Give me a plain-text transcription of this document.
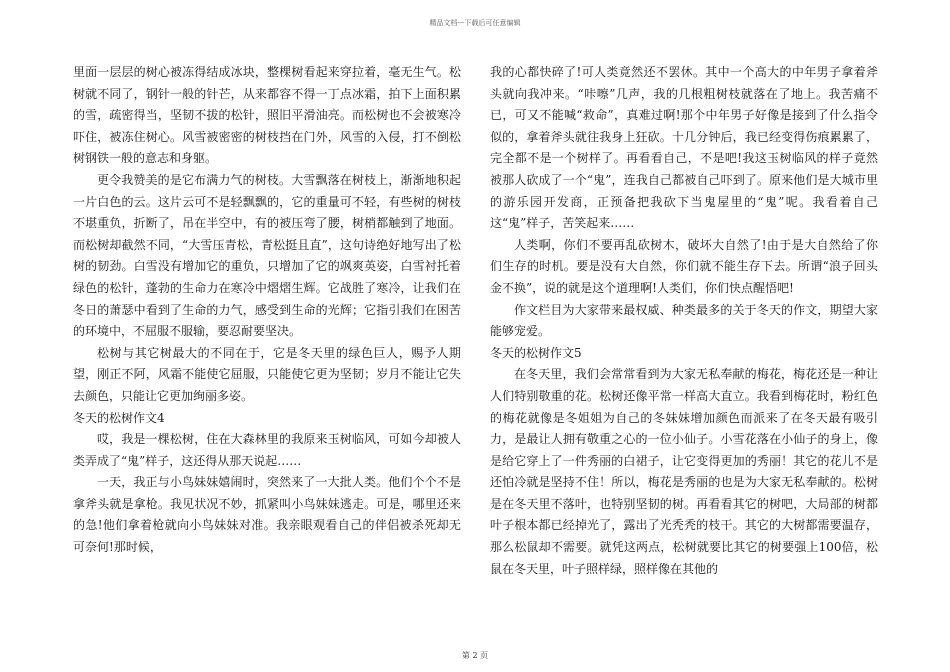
精品文档---下载后可任意编辑

里面一层层的树心被冻得结成冰块，整棵树看起来穿拉着，毫无生气。松树就不同了，钢针一般的针芒，从来都容不得一丁点冰霜，拍下上面积累的雪，疏密得当，坚韧不拔的松针，照旧平滑油亮。而松树也不会被寒冷吓住，被冻住树心。风雪被密密的树枝挡在门外，风雪的入侵，打不倒松树钢铁一般的意志和身躯。

更令我赞美的是它布满力气的树枝。大雪飘落在树枝上，渐渐地积起一片白色的云。这片云可不是轻飘飘的，它的重量可不轻，有些树的树枝不堪重负，折断了，吊在半空中，有的被压弯了腰，树梢都触到了地面。而松树却截然不同，“大雪压青松，青松挺且直”，这句诗绝好地写出了松树的韧劲。白雪没有增加它的重负，只增加了它的飒爽英姿，白雪衬托着绿色的松针，蓬勃的生命力在寒冷中熠熠生辉。它战胜了寒冷，让我们在冬日的萧瑟中看到了生命的力气，感受到生命的光辉；它指引我们在困苦的环境中，不屈服不服输，要忍耐要坚决。

松树与其它树最大的不同在于，它是冬天里的绿色巨人，赐予人期望，刚正不阿，风霜不能使它屈服，只能使它更为坚韧；岁月不能让它失去颜色，只能让它更加绚丽多姿。

冬天的松树作文4

哎，我是一棵松树，住在大森林里的我原来玉树临风，可如今却被人类弄成了“鬼”样子，这还得从那天说起……

一天，我正与小鸟妹妹嬉闹时，突然来了一大批人类。他们个个不是拿斧头就是拿枪。我见状况不妙，抓紧叫小鸟妹妹逃走。可是，哪里还来的急!他们拿着枪就向小鸟妹妹对准。我亲眼观看自己的伴侣被杀死却无可奈何!那时候，

我的心都快碎了!可人类竟然还不罢休。其中一个高大的中年男子拿着斧头就向我冲来。“咔嚓”几声，我的几根粗树枝就落在了地上。我苦痛不已，可又不能喊“救命”，真难过啊!那个中年男子好像是接到了什么指令似的，拿着斧头就往我身上狂砍。十几分钟后，我已经变得伤痕累累了，完全都不是一个树样了。再看看自己，不是吧!我这玉树临风的样子竟然被那人砍成了一个“鬼”，连我自己都被自己吓到了。原来他们是大城市里的游乐园开发商，正预备把我砍下当鬼屋里的“鬼”呢。我看着自己这“鬼”样子，苦笑起来……

人类啊，你们不要再乱砍树木，破坏大自然了!由于是大自然给了你们生存的时机。要是没有大自然，你们就不能生存下去。所谓“浪子回头金不换”，说的就是这个道理啊!人类们，你们快点醒悟吧!

作文栏目为大家带来最权威、种类最多的关于冬天的作文，期望大家能够宠爱。

冬天的松树作文5

在冬天里，我们会常常看到为大家无私奉献的梅花，梅花还是一种让人们特别敬重的花。松树还像平常一样高大直立。我看到梅花时，粉红色的梅花就像是冬姐姐为自己的冬妹妹增加颜色而派来了在冬天最有吸引力，是最让人拥有敬重之心的一位小仙子。小雪花落在小仙子的身上，像是给它穿上了一件秀丽的白裙子，让它变得更加的秀丽！其它的花儿不是还怕冷就是坚持不住！所以，梅花是秀丽的也是为大家无私奉献的。松树是在冬天里不落叶，也特别坚韧的树。再看看其它的树吧，大局部的树都叶子根本都已经掉光了，露出了光秃秃的枝干。其它的大树都需要温存，那么松鼠却不需要。就凭这两点，松树就要比其它的树要强上100倍，松鼠在冬天里，叶子照样绿，照样像在其他的

第 2 页
